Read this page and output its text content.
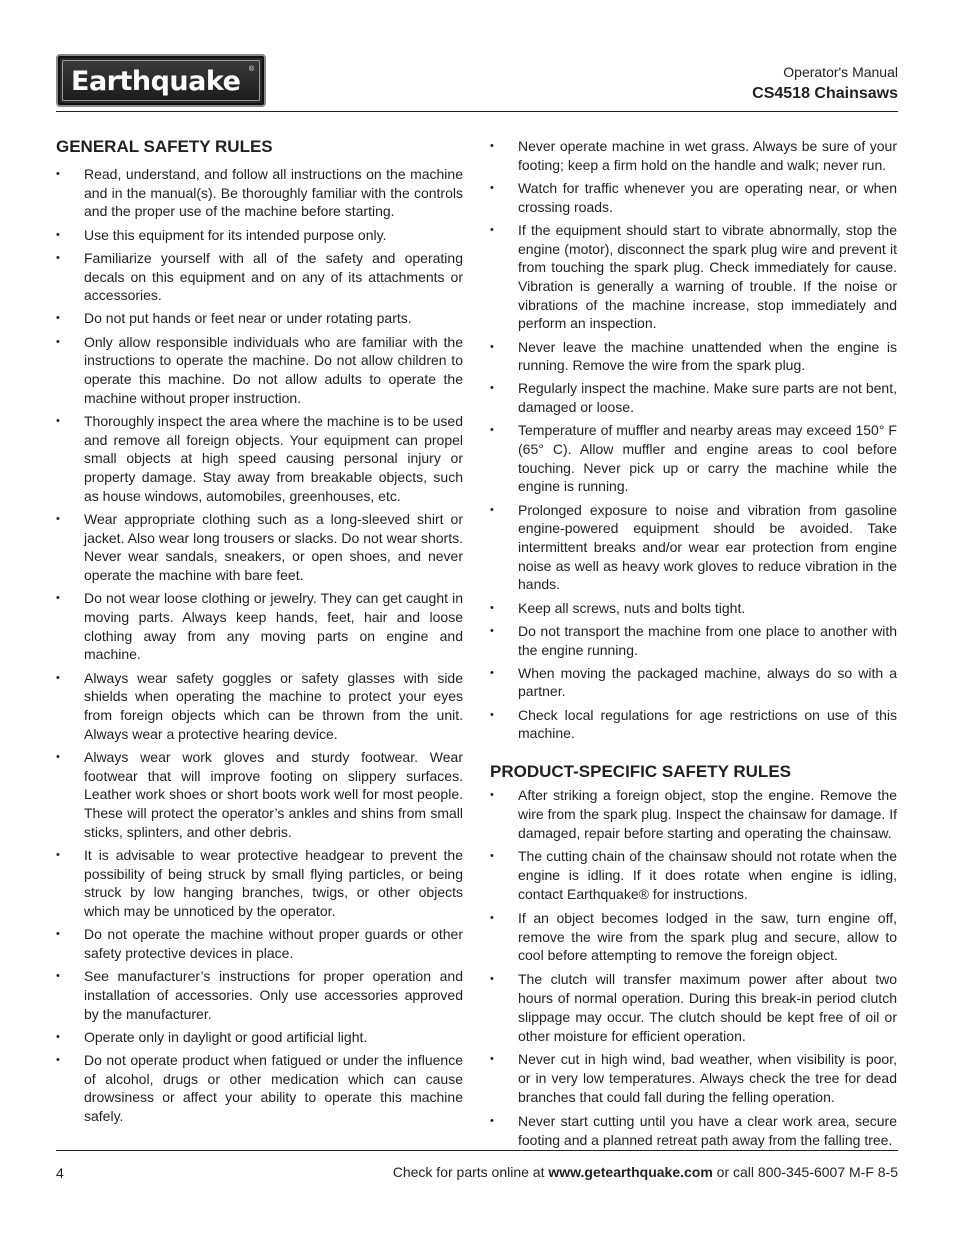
Earthquake ®	Operator's Manual
CS4518 Chainsaws
GENERAL SAFETY RULES
• Read, understand, and follow all instructions on the machine and in the manual(s). Be thoroughly familiar with the controls and the proper use of the machine before starting.
• Use this equipment for its intended purpose only.
• Familiarize yourself with all of the safety and operating decals on this equipment and on any of its attachments or accessories.
• Do not put hands or feet near or under rotating parts.
• Only allow responsible individuals who are familiar with the instructions to operate the machine. Do not allow children to operate this machine. Do not allow adults to operate the machine without proper instruction.
• Thoroughly inspect the area where the machine is to be used and remove all foreign objects. Your equipment can propel small objects at high speed causing personal injury or property damage. Stay away from breakable objects, such as house windows, automobiles, greenhouses, etc.
• Wear appropriate clothing such as a long-sleeved shirt or jacket. Also wear long trousers or slacks. Do not wear shorts. Never wear sandals, sneakers, or open shoes, and never operate the machine with bare feet.
• Do not wear loose clothing or jewelry. They can get caught in moving parts. Always keep hands, feet, hair and loose clothing away from any moving parts on engine and machine.
• Always wear safety goggles or safety glasses with side shields when operating the machine to protect your eyes from foreign objects which can be thrown from the unit. Always wear a protective hearing device.
• Always wear work gloves and sturdy footwear. Wear footwear that will improve footing on slippery surfaces. Leather work shoes or short boots work well for most people. These will protect the operator’s ankles and shins from small sticks, splinters, and other debris.
• It is advisable to wear protective headgear to prevent the possibility of being struck by small flying particles, or being struck by low hanging branches, twigs, or other objects which may be unnoticed by the operator.
• Do not operate the machine without proper guards or other safety protective devices in place.
• See manufacturer’s instructions for proper operation and installation of accessories. Only use accessories approved by the manufacturer.
• Operate only in daylight or good artificial light.
• Do not operate product when fatigued or under the influence of alcohol, drugs or other medication which can cause drowsiness or affect your ability to operate this machine safely.
• Never operate machine in wet grass. Always be sure of your footing; keep a firm hold on the handle and walk; never run.
• Watch for traffic whenever you are operating near, or when crossing roads.
• If the equipment should start to vibrate abnormally, stop the engine (motor), disconnect the spark plug wire and prevent it from touching the spark plug. Check immediately for cause. Vibration is generally a warning of trouble. If the noise or vibrations of the machine increase, stop immediately and perform an inspection.
• Never leave the machine unattended when the engine is running. Remove the wire from the spark plug.
• Regularly inspect the machine. Make sure parts are not bent, damaged or loose.
• Temperature of muffler and nearby areas may exceed 150° F (65° C). Allow muffler and engine areas to cool before touching. Never pick up or carry the machine while the engine is running.
• Prolonged exposure to noise and vibration from gasoline engine-powered equipment should be avoided. Take intermittent breaks and/or wear ear protection from engine noise as well as heavy work gloves to reduce vibration in the hands.
• Keep all screws, nuts and bolts tight.
• Do not transport the machine from one place to another with the engine running.
• When moving the packaged machine, always do so with a partner.
• Check local regulations for age restrictions on use of this machine.
PRODUCT-SPECIFIC SAFETY RULES
• After striking a foreign object, stop the engine. Remove the wire from the spark plug. Inspect the chainsaw for damage. If damaged, repair before starting and operating the chainsaw.
• The cutting chain of the chainsaw should not rotate when the engine is idling. If it does rotate when engine is idling, contact Earthquake® for instructions.
• If an object becomes lodged in the saw, turn engine off, remove the wire from the spark plug and secure, allow to cool before attempting to remove the foreign object.
• The clutch will transfer maximum power after about two hours of normal operation. During this break-in period clutch slippage may occur. The clutch should be kept free of oil or other moisture for efficient operation.
• Never cut in high wind, bad weather, when visibility is poor, or in very low temperatures. Always check the tree for dead branches that could fall during the felling operation.
• Never start cutting until you have a clear work area, secure footing and a planned retreat path away from the falling tree.
4	Check for parts online at www.getearthquake.com or call 800-345-6007 M-F 8-5
